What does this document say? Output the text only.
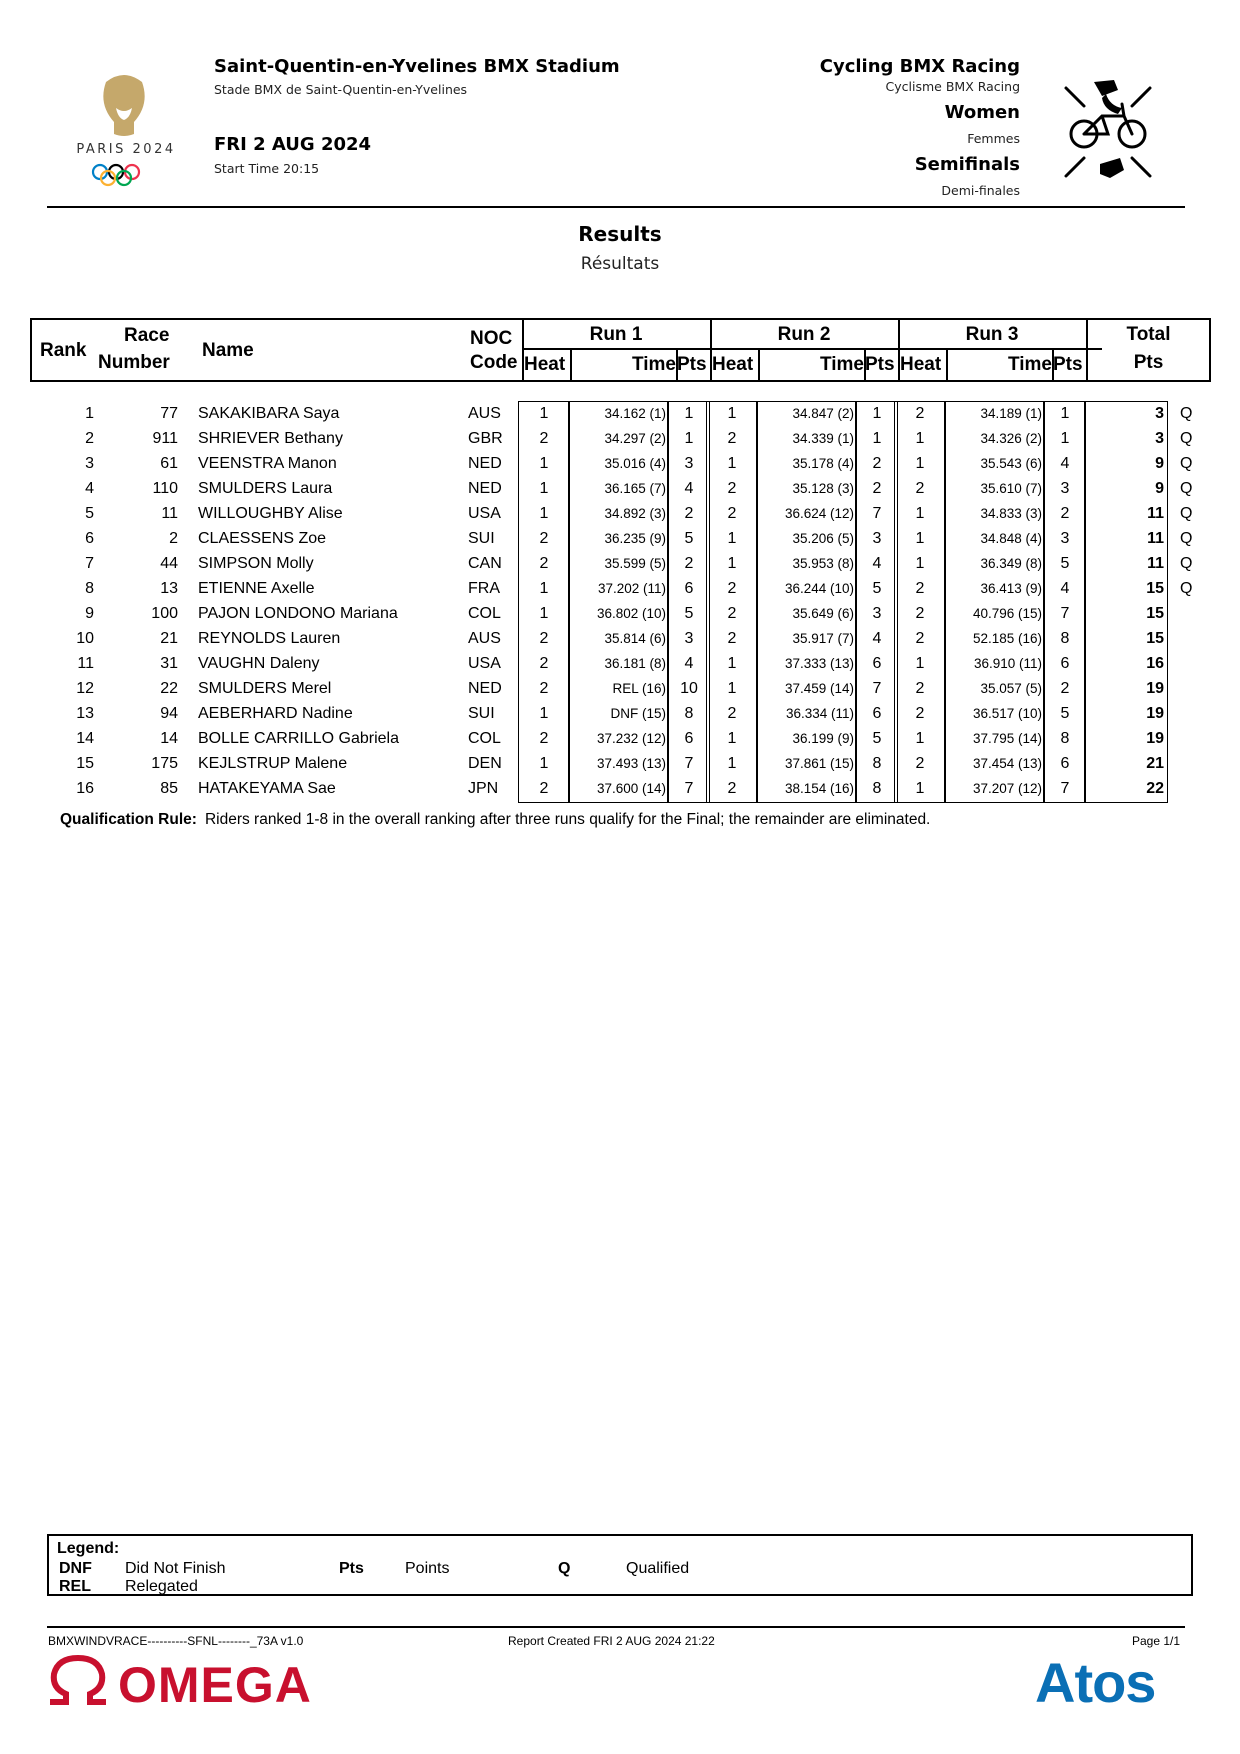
PARIS 2024
Saint-Quentin-en-Yvelines BMX Stadium
Stade BMX de Saint-Quentin-en-Yvelines
FRI 2 AUG 2024
Start Time 20:15
Cycling BMX Racing
Cyclisme BMX Racing
Women
Femmes
Semifinals
Demi-finales
Results
Résultats
Rank
Race
Number
Name
NOC
Code
Run 1	Run 2	Run 3	Total
Pts
Heat	Time Pts Heat	Time Pts Heat	Time Pts
1	77 SAKAKIBARA Saya	AUS	1	34.162 (1)	1	1	34.847 (2)	1	2	34.189 (1)	1	3 Q
2	911 SHRIEVER Bethany	GBR	2	34.297 (2)	1	2	34.339 (1)	1	1	34.326 (2)	1	3 Q
3	61 VEENSTRA Manon	NED	1	35.016 (4)	3	1	35.178 (4)	2	1	35.543 (6)	4	9 Q
4	110 SMULDERS Laura	NED	1	36.165 (7)	4	2	35.128 (3)	2	2	35.610 (7)	3	9 Q
5	11 WILLOUGHBY Alise	USA	1	34.892 (3)	2	2	36.624 (12)	7	1	34.833 (3)	2	11 Q
6	2 CLAESSENS Zoe	SUI	2	36.235 (9)	5	1	35.206 (5)	3	1	34.848 (4)	3	11 Q
7	44 SIMPSON Molly	CAN	2	35.599 (5)	2	1	35.953 (8)	4	1	36.349 (8)	5	11 Q
8	13 ETIENNE Axelle	FRA	1	37.202 (11)	6	2	36.244 (10)	5	2	36.413 (9)	4	15 Q
9	100 PAJON LONDONO Mariana	COL	1	36.802 (10)	5	2	35.649 (6)	3	2	40.796 (15)	7	15
10	21 REYNOLDS Lauren	AUS	2	35.814 (6)	3	2	35.917 (7)	4	2	52.185 (16)	8	15
11	31 VAUGHN Daleny	USA	2	36.181 (8)	4	1	37.333 (13)	6	1	36.910 (11)	6	16
12	22 SMULDERS Merel	NED	2	REL (16) 10	1	37.459 (14)	7	2	35.057 (5)	2	19
13	94 AEBERHARD Nadine	SUI	1	DNF (15)	8	2	36.334 (11)	6	2	36.517 (10)	5	19
14	14 BOLLE CARRILLO Gabriela	COL	2	37.232 (12)	6	1	36.199 (9)	5	1	37.795 (14)	8	19
15	175 KEJLSTRUP Malene	DEN	1	37.493 (13)	7	1	37.861 (15)	8	2	37.454 (13)	6	21
16	85 HATAKEYAMA Sae	JPN	2	37.600 (14)	7	2	38.154 (16)	8	1	37.207 (12)	7	22
Qualification Rule: Riders ranked 1-8 in the overall ranking after three runs qualify for the Final; the remainder are eliminated.
Legend:
DNF Did Not Finish
REL Relegated
Pts	Points	Q	Qualified
BMXWINDVRACE----------SFNL--------_73A v1.0	Report Created FRI 2 AUG 2024 21:22	Page 1/1
OMEGA	Atos
